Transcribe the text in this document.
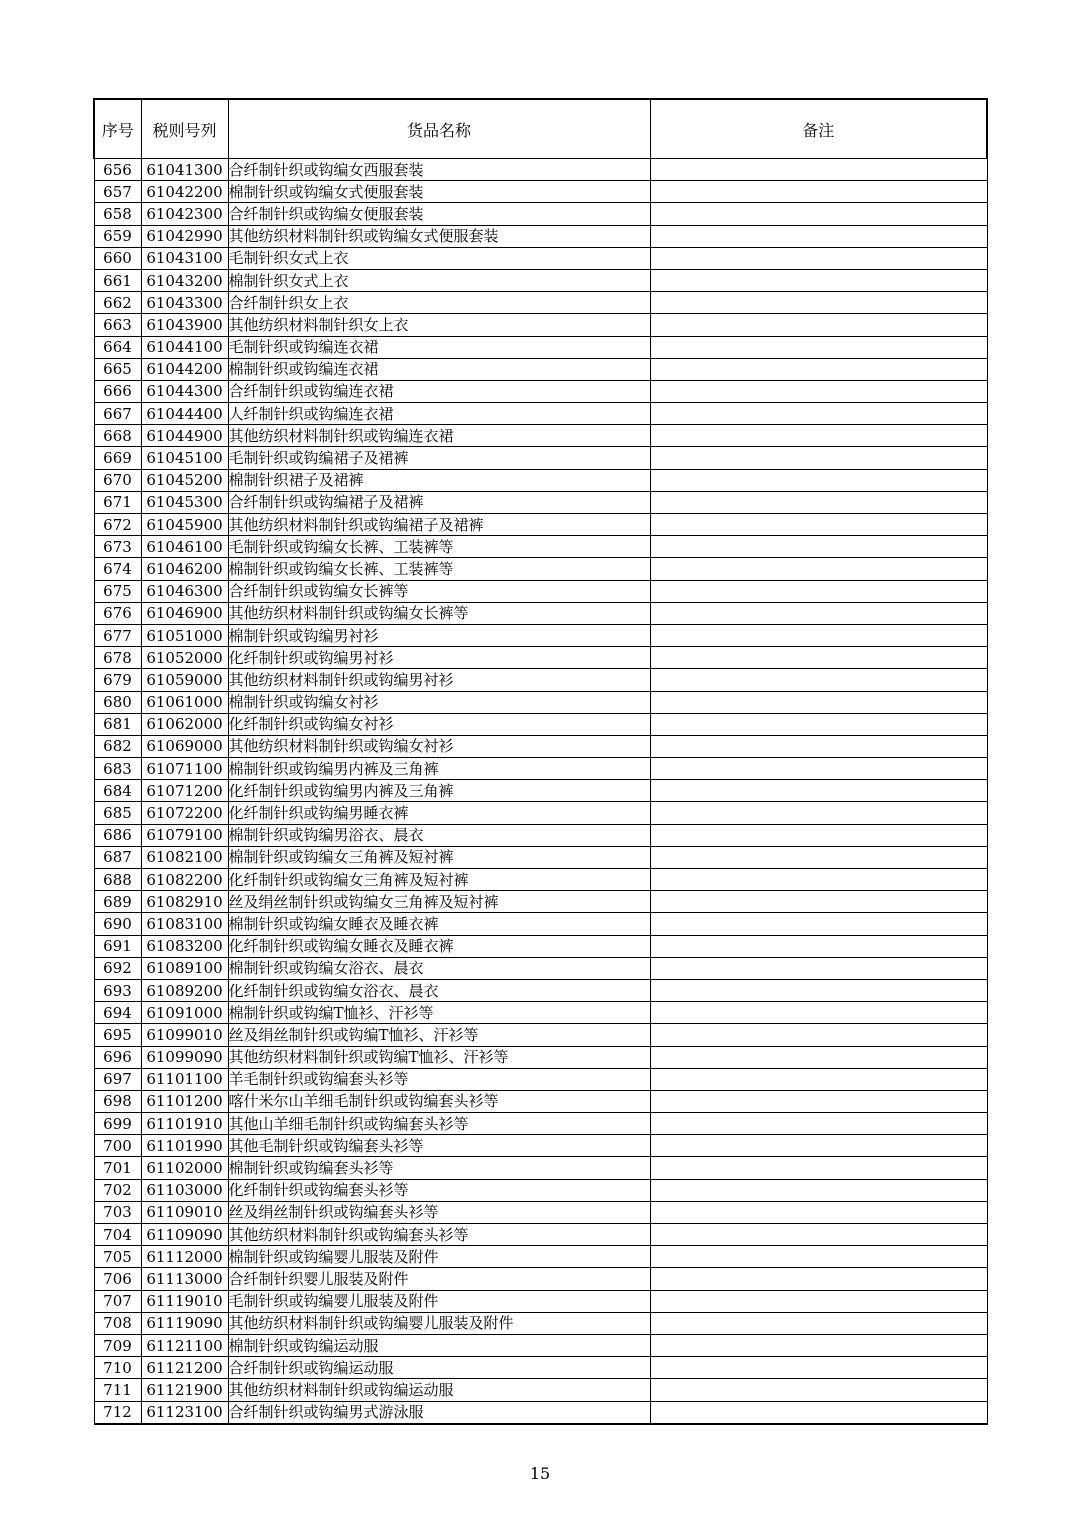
序号	税则号列	货品名称	备注
656	61041300	合纤制针织或钩编女西服套装	
657	61042200	棉制针织或钩编女式便服套装	
658	61042300	合纤制针织或钩编女便服套装	
659	61042990	其他纺织材料制针织或钩编女式便服套装	
660	61043100	毛制针织女式上衣	
661	61043200	棉制针织女式上衣	
662	61043300	合纤制针织女上衣	
663	61043900	其他纺织材料制针织女上衣	
664	61044100	毛制针织或钩编连衣裙	
665	61044200	棉制针织或钩编连衣裙	
666	61044300	合纤制针织或钩编连衣裙	
667	61044400	人纤制针织或钩编连衣裙	
668	61044900	其他纺织材料制针织或钩编连衣裙	
669	61045100	毛制针织或钩编裙子及裙裤	
670	61045200	棉制针织裙子及裙裤	
671	61045300	合纤制针织或钩编裙子及裙裤	
672	61045900	其他纺织材料制针织或钩编裙子及裙裤	
673	61046100	毛制针织或钩编女长裤、工装裤等	
674	61046200	棉制针织或钩编女长裤、工装裤等	
675	61046300	合纤制针织或钩编女长裤等	
676	61046900	其他纺织材料制针织或钩编女长裤等	
677	61051000	棉制针织或钩编男衬衫	
678	61052000	化纤制针织或钩编男衬衫	
679	61059000	其他纺织材料制针织或钩编男衬衫	
680	61061000	棉制针织或钩编女衬衫	
681	61062000	化纤制针织或钩编女衬衫	
682	61069000	其他纺织材料制针织或钩编女衬衫	
683	61071100	棉制针织或钩编男内裤及三角裤	
684	61071200	化纤制针织或钩编男内裤及三角裤	
685	61072200	化纤制针织或钩编男睡衣裤	
686	61079100	棉制针织或钩编男浴衣、晨衣	
687	61082100	棉制针织或钩编女三角裤及短衬裤	
688	61082200	化纤制针织或钩编女三角裤及短衬裤	
689	61082910	丝及绢丝制针织或钩编女三角裤及短衬裤	
690	61083100	棉制针织或钩编女睡衣及睡衣裤	
691	61083200	化纤制针织或钩编女睡衣及睡衣裤	
692	61089100	棉制针织或钩编女浴衣、晨衣	
693	61089200	化纤制针织或钩编女浴衣、晨衣	
694	61091000	棉制针织或钩编T恤衫、汗衫等	
695	61099010	丝及绢丝制针织或钩编T恤衫、汗衫等	
696	61099090	其他纺织材料制针织或钩编T恤衫、汗衫等	
697	61101100	羊毛制针织或钩编套头衫等	
698	61101200	喀什米尔山羊细毛制针织或钩编套头衫等	
699	61101910	其他山羊细毛制针织或钩编套头衫等	
700	61101990	其他毛制针织或钩编套头衫等	
701	61102000	棉制针织或钩编套头衫等	
702	61103000	化纤制针织或钩编套头衫等	
703	61109010	丝及绢丝制针织或钩编套头衫等	
704	61109090	其他纺织材料制针织或钩编套头衫等	
705	61112000	棉制针织或钩编婴儿服装及附件	
706	61113000	合纤制针织婴儿服装及附件	
707	61119010	毛制针织或钩编婴儿服装及附件	
708	61119090	其他纺织材料制针织或钩编婴儿服装及附件	
709	61121100	棉制针织或钩编运动服	
710	61121200	合纤制针织或钩编运动服	
711	61121900	其他纺织材料制针织或钩编运动服	
712	61123100	合纤制针织或钩编男式游泳服	
15
